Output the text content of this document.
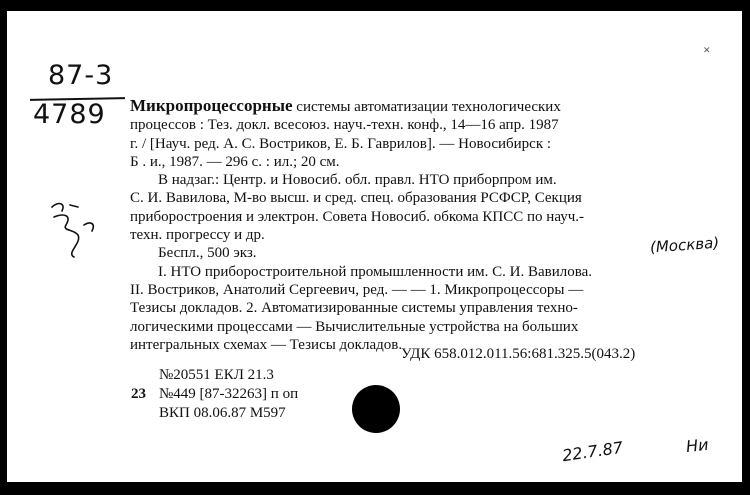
✕
87-3
4789 Микропроцессорные системы автоматизации технологических
процессов : Тез. докл. всесоюз. науч.-техн. конф., 14—16 апр. 1987
г. / [Науч. ред. А. С. Востриков, Е. Б. Гаврилов]. — Новосибирск :
Б . и., 1987. — 296 с. : ил.; 20 см.
В надзаг.: Центр. и Новосиб. обл. правл. НТО приборпром им.
С. И. Вавилова, М-во высш. и сред. спец. образования РСФСР, Секция
приборостроения и электрон. Совета Новосиб. обкома КПСС по науч.-
техн. прогрессу и др.
Беспл., 500 экз.
I. НТО приборостроительной промышленности им. С. И. Вавилова.
II. Востриков, Анатолий Сергеевич, ред. — — 1. Микропроцессоры —
Тезисы докладов. 2. Автоматизированные системы управления техно-
логическими процессами — Вычислительные устройства на больших
интегральных схемах — Тезисы докладов.
УДК 658.012.011.56:681.325.5(043.2)
23
№20551 ЕКЛ 21.3
№449 [87-32263] п оп
ВКП 08.06.87 М597
(Москва)
22.7.87	Ни
